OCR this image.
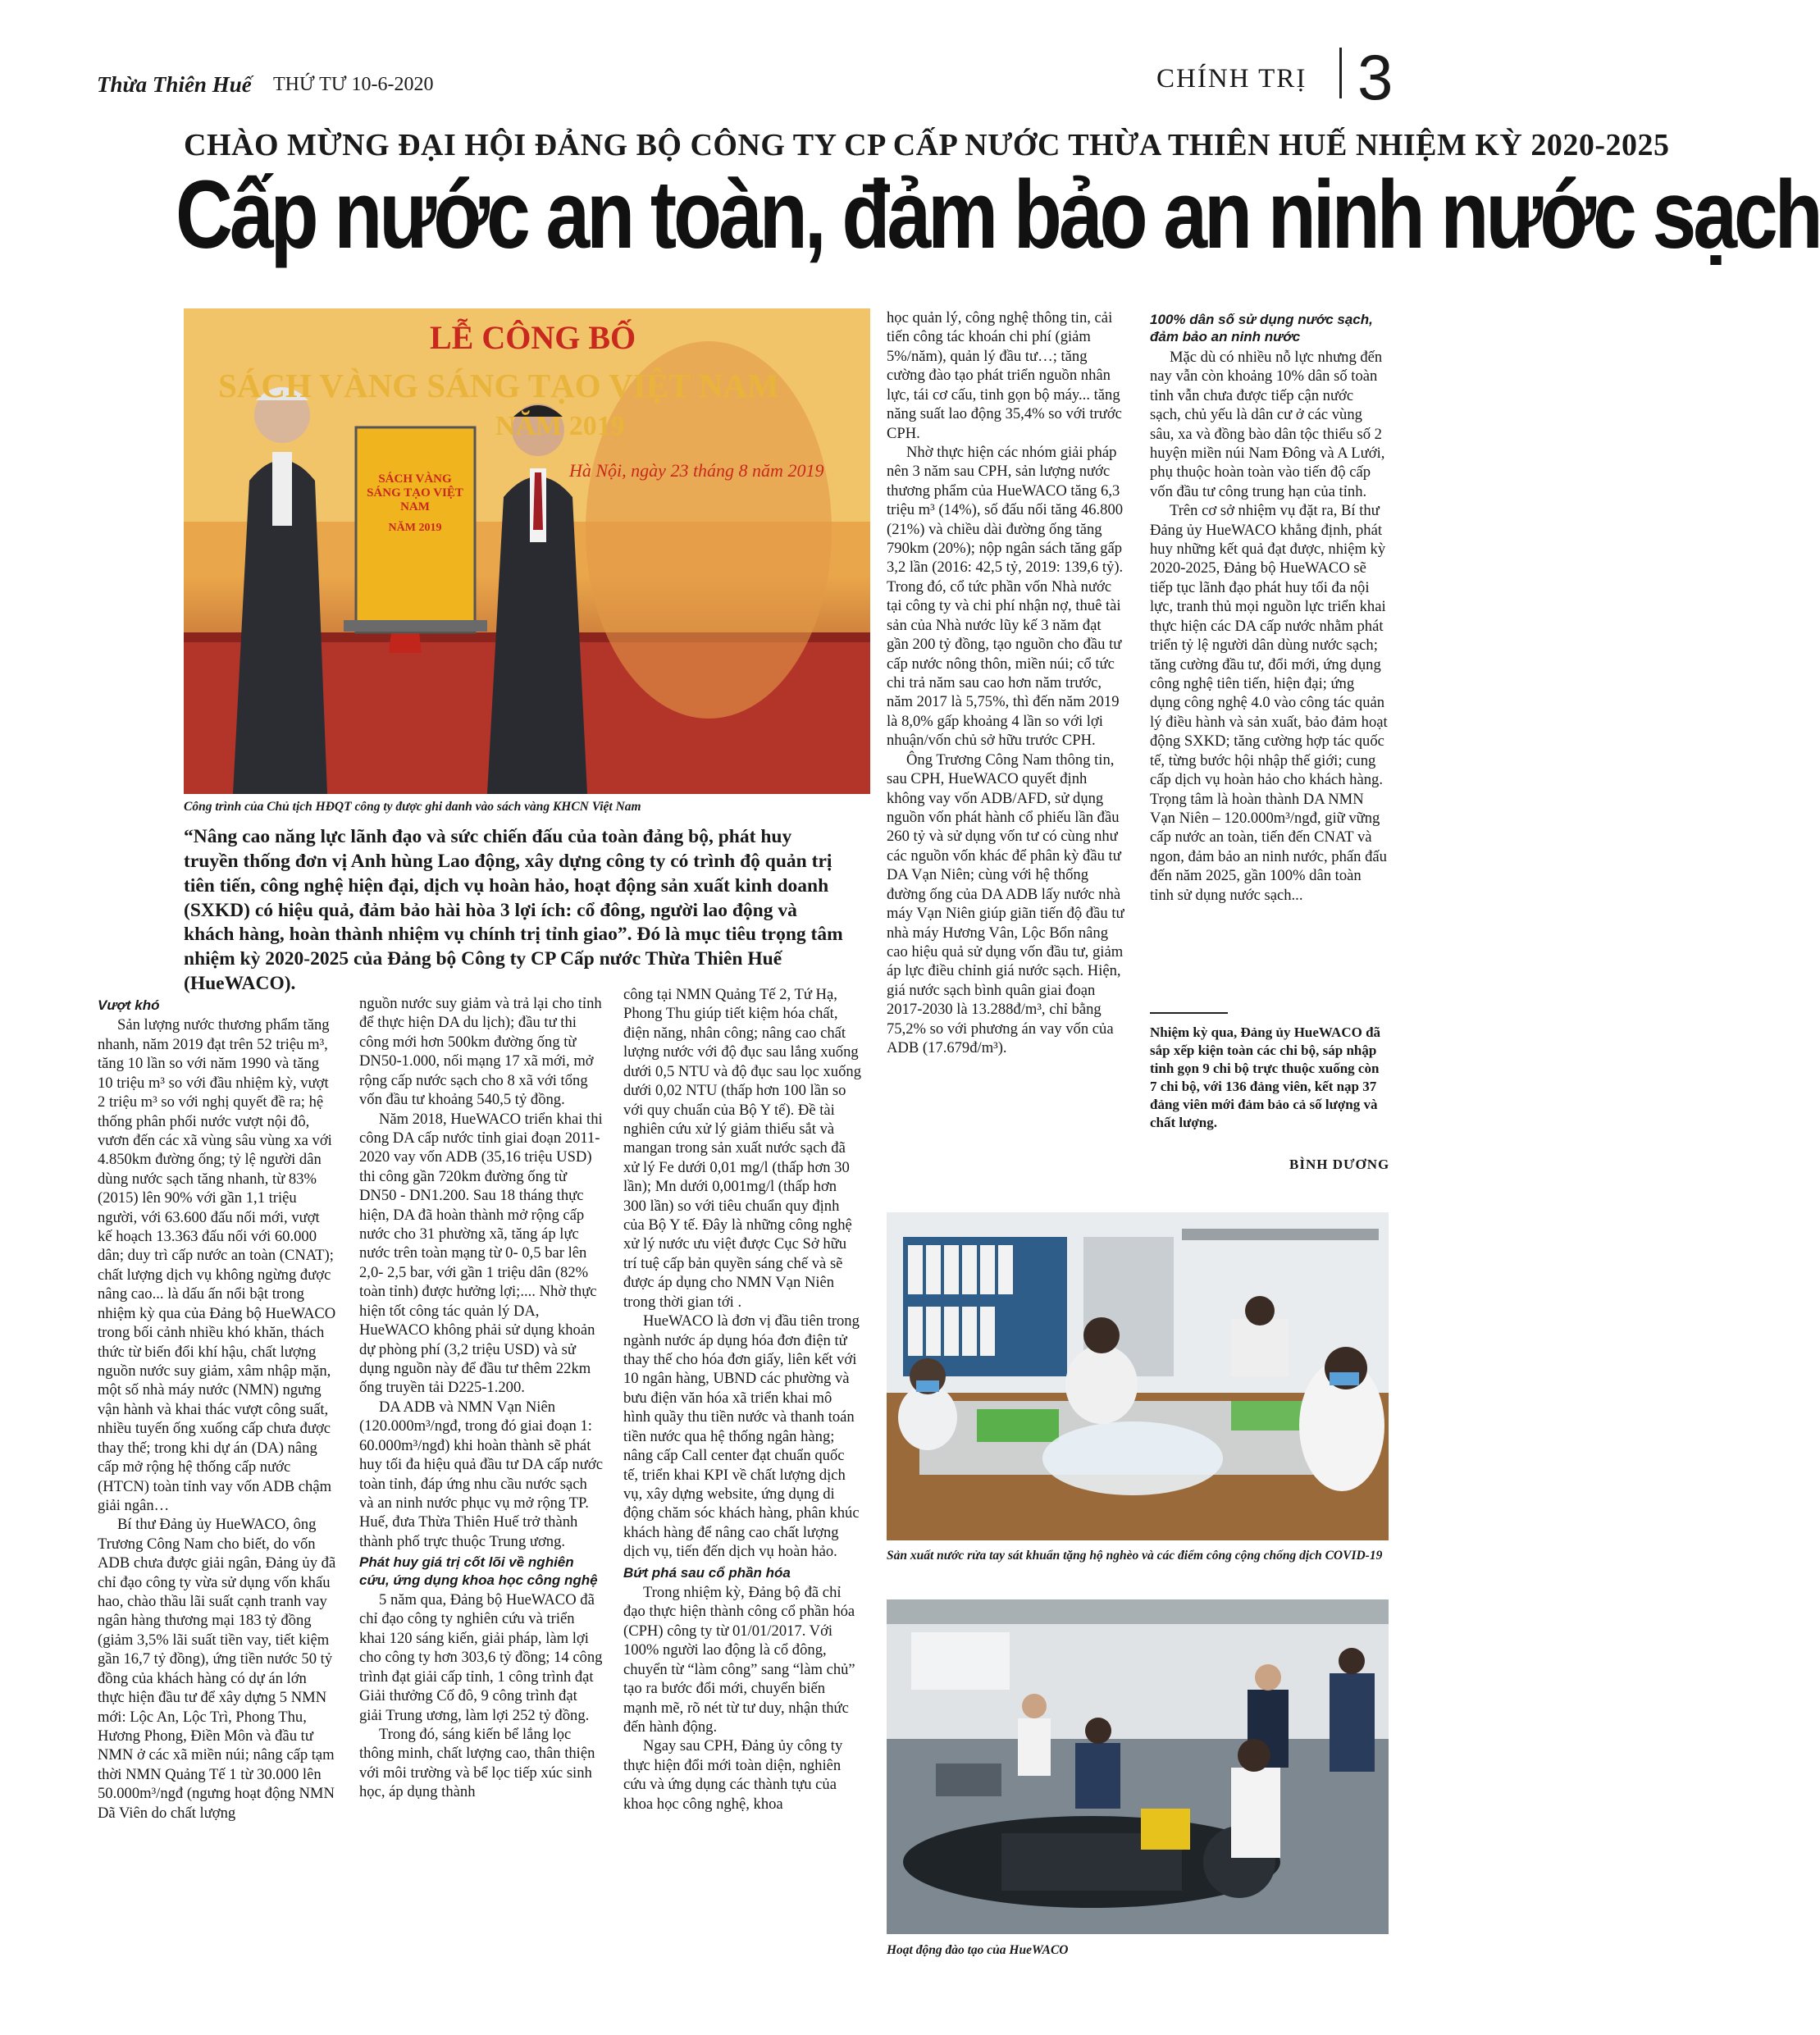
Thừa Thiên Huế THỨ TƯ 10-6-2020	CHÍNH TRỊ 3
CHÀO MỪNG ĐẠI HỘI ĐẢNG BỘ CÔNG TY CP CẤP NƯỚC THỪA THIÊN HUẾ NHIỆM KỲ 2020-2025
Cấp nước an toàn, đảm bảo an ninh nước sạch
LỄ CÔNG BỐ
SÁCH VÀNG SÁNG TẠO VIỆT NAM
NĂM 2019
Hà Nội, ngày 23 tháng 8 năm 2019
SÁCH VÀNG SÁNG TẠO VIỆT NAM
NĂM 2019
Công trình của Chủ tịch HĐQT công ty được ghi danh vào sách vàng KHCN Việt Nam
“Nâng cao năng lực lãnh đạo và sức chiến đấu của toàn đảng bộ, phát huy truyền thống đơn vị Anh hùng Lao động, xây dựng công ty có trình độ quản trị tiên tiến, công nghệ hiện đại, dịch vụ hoàn hảo, hoạt động sản xuất kinh doanh (SXKD) có hiệu quả, đảm bảo hài hòa 3 lợi ích: cổ đông, người lao động và khách hàng, hoàn thành nhiệm vụ chính trị tỉnh giao”. Đó là mục tiêu trọng tâm nhiệm kỳ 2020-2025 của Đảng bộ Công ty CP Cấp nước Thừa Thiên Huế (HueWACO).

Vượt khó

Sản lượng nước thương phẩm tăng nhanh, năm 2019 đạt trên 52 triệu m³, tăng 10 lần so với năm 1990 và tăng 10 triệu m³ so với đầu nhiệm kỳ, vượt 2 triệu m³ so với nghị quyết đề ra; hệ thống phân phối nước vượt nội đô, vươn đến các xã vùng sâu vùng xa với 4.850km đường ống; tỷ lệ người dân dùng nước sạch tăng nhanh, từ 83% (2015) lên 90% với gần 1,1 triệu người, với 63.600 đấu nối mới, vượt kế hoạch 13.363 đấu nối với 60.000 dân; duy trì cấp nước an toàn (CNAT); chất lượng dịch vụ không ngừng được nâng cao... là dấu ấn nổi bật trong nhiệm kỳ qua của Đảng bộ HueWACO trong bối cảnh nhiều khó khăn, thách thức từ biến đổi khí hậu, chất lượng nguồn nước suy giảm, xâm nhập mặn, một số nhà máy nước (NMN) ngưng vận hành và khai thác vượt công suất, nhiều tuyến ống xuống cấp chưa được thay thế; trong khi dự án (DA) nâng cấp mở rộng hệ thống cấp nước (HTCN) toàn tỉnh vay vốn ADB chậm giải ngân…

Bí thư Đảng ủy HueWACO, ông Trương Công Nam cho biết, do vốn ADB chưa được giải ngân, Đảng ủy đã chỉ đạo công ty vừa sử dụng vốn khấu hao, chào thầu lãi suất cạnh tranh vay ngân hàng thương mại 183 tỷ đồng (giảm 3,5% lãi suất tiền vay, tiết kiệm gần 16,7 tỷ đồng), ứng tiền nước 50 tỷ đồng của khách hàng có dự án lớn thực hiện đầu tư để xây dựng 5 NMN mới: Lộc An, Lộc Trì, Phong Thu, Hương Phong, Điền Môn và đầu tư NMN ở các xã miền núi; nâng cấp tạm thời NMN Quảng Tế 1 từ 30.000 lên 50.000m³/ngđ (ngưng hoạt động NMN Dã Viên do chất lượng

nguồn nước suy giảm và trả lại cho tỉnh để thực hiện DA du lịch); đầu tư thi công mới hơn 500km đường ống từ DN50-1.000, nối mạng 17 xã mới, mở rộng cấp nước sạch cho 8 xã với tổng vốn đầu tư khoảng 540,5 tỷ đồng.

Năm 2018, HueWACO triển khai thi công DA cấp nước tỉnh giai đoạn 2011-2020 vay vốn ADB (35,16 triệu USD) thi công gần 720km đường ống từ DN50 - DN1.200. Sau 18 tháng thực hiện, DA đã hoàn thành mở rộng cấp nước cho 31 phường xã, tăng áp lực nước trên toàn mạng từ 0- 0,5 bar lên 2,0- 2,5 bar, với gần 1 triệu dân (82% toàn tỉnh) được hưởng lợi;.... Nhờ thực hiện tốt công tác quản lý DA, HueWACO không phải sử dụng khoản dự phòng phí (3,2 triệu USD) và sử dụng nguồn này để đầu tư thêm 22km ống truyền tải D225-1.200.

DA ADB và NMN Vạn Niên (120.000m³/ngđ, trong đó giai đoạn 1: 60.000m³/ngđ) khi hoàn thành sẽ phát huy tối đa hiệu quả đầu tư DA cấp nước toàn tỉnh, đáp ứng nhu cầu nước sạch và an ninh nước phục vụ mở rộng TP. Huế, đưa Thừa Thiên Huế trở thành thành phố trực thuộc Trung ương.

Phát huy giá trị cốt lõi về nghiên cứu, ứng dụng khoa học công nghệ

5 năm qua, Đảng bộ HueWACO đã chỉ đạo công ty nghiên cứu và triển khai 120 sáng kiến, giải pháp, làm lợi cho công ty hơn 303,6 tỷ đồng; 14 công trình đạt giải cấp tỉnh, 1 công trình đạt Giải thưởng Cố đô, 9 công trình đạt giải Trung ương, làm lợi 252 tỷ đồng.

Trong đó, sáng kiến bể lắng lọc thông minh, chất lượng cao, thân thiện với môi trường và bể lọc tiếp xúc sinh học, áp dụng thành

công tại NMN Quảng Tế 2, Tứ Hạ, Phong Thu giúp tiết kiệm hóa chất, điện năng, nhân công; nâng cao chất lượng nước với độ đục sau lắng xuống dưới 0,5 NTU và độ đục sau lọc xuống dưới 0,02 NTU (thấp hơn 100 lần so với quy chuẩn của Bộ Y tế). Đề tài nghiên cứu xử lý giảm thiểu sắt và mangan trong sản xuất nước sạch đã xử lý Fe dưới 0,01 mg/l (thấp hơn 30 lần); Mn dưới 0,001mg/l (thấp hơn 300 lần) so với tiêu chuẩn quy định của Bộ Y tế. Đây là những công nghệ xử lý nước ưu việt được Cục Sở hữu trí tuệ cấp bản quyền sáng chế và sẽ được áp dụng cho NMN Vạn Niên trong thời gian tới .

HueWACO là đơn vị đầu tiên trong ngành nước áp dụng hóa đơn điện tử thay thế cho hóa đơn giấy, liên kết với 10 ngân hàng, UBND các phường và bưu điện văn hóa xã triển khai mô hình quầy thu tiền nước và thanh toán tiền nước qua hệ thống ngân hàng; nâng cấp Call center đạt chuẩn quốc tế, triển khai KPI về chất lượng dịch vụ, xây dựng website, ứng dụng di động chăm sóc khách hàng, phân khúc khách hàng để nâng cao chất lượng dịch vụ, tiến đến dịch vụ hoàn hảo.

Bứt phá sau cổ phần hóa

Trong nhiệm kỳ, Đảng bộ đã chỉ đạo thực hiện thành công cổ phần hóa (CPH) công ty từ 01/01/2017. Với 100% người lao động là cổ đông, chuyển từ “làm công” sang “làm chủ” tạo ra bước đổi mới, chuyển biến mạnh mẽ, rõ nét từ tư duy, nhận thức đến hành động.

Ngay sau CPH, Đảng ủy công ty thực hiện đổi mới toàn diện, nghiên cứu và ứng dụng các thành tựu của khoa học công nghệ, khoa

học quản lý, công nghệ thông tin, cải tiến công tác khoán chi phí (giảm 5%/năm), quản lý đầu tư…; tăng cường đào tạo phát triển nguồn nhân lực, tái cơ cấu, tinh gọn bộ máy... tăng năng suất lao động 35,4% so với trước CPH.

Nhờ thực hiện các nhóm giải pháp nên 3 năm sau CPH, sản lượng nước thương phẩm của HueWACO tăng 6,3 triệu m³ (14%), số đấu nối tăng 46.800 (21%) và chiều dài đường ống tăng 790km (20%); nộp ngân sách tăng gấp 3,2 lần (2016: 42,5 tỷ, 2019: 139,6 tỷ). Trong đó, cổ tức phần vốn Nhà nước tại công ty và chi phí nhận nợ, thuê tài sản của Nhà nước lũy kế 3 năm đạt gần 200 tỷ đồng, tạo nguồn cho đầu tư cấp nước nông thôn, miền núi; cổ tức chi trả năm sau cao hơn năm trước, năm 2017 là 5,75%, thì đến năm 2019 là 8,0% gấp khoảng 4 lần so với lợi nhuận/vốn chủ sở hữu trước CPH.

Ông Trương Công Nam thông tin, sau CPH, HueWACO quyết định không vay vốn ADB/AFD, sử dụng nguồn vốn phát hành cổ phiếu lần đầu 260 tỷ và sử dụng vốn tư có cùng như các nguồn vốn khác để phân kỳ đầu tư DA Vạn Niên; cùng với hệ thống đường ống của DA ADB lấy nước nhà máy Vạn Niên giúp giãn tiến độ đầu tư nhà máy Hương Vân, Lộc Bổn nâng cao hiệu quả sử dụng vốn đầu tư, giảm áp lực điều chỉnh giá nước sạch. Hiện, giá nước sạch bình quân giai đoạn 2017-2030 là 13.288đ/m³, chỉ bằng 75,2% so với phương án vay vốn của ADB (17.679đ/m³).

100% dân số sử dụng nước sạch, đảm bảo an ninh nước

Mặc dù có nhiều nỗ lực nhưng đến nay vẫn còn khoảng 10% dân số toàn tỉnh vẫn chưa được tiếp cận nước sạch, chủ yếu là dân cư ở các vùng sâu, xa và đồng bào dân tộc thiểu số 2 huyện miền núi Nam Đông và A Lưới, phụ thuộc hoàn toàn vào tiến độ cấp vốn đầu tư công trung hạn của tỉnh.

Trên cơ sở nhiệm vụ đặt ra, Bí thư Đảng ủy HueWACO khẳng định, phát huy những kết quả đạt được, nhiệm kỳ 2020-2025, Đảng bộ HueWACO sẽ tiếp tục lãnh đạo phát huy tối đa nội lực, tranh thủ mọi nguồn lực triển khai thực hiện các DA cấp nước nhằm phát triển tỷ lệ người dân dùng nước sạch; tăng cường đầu tư, đổi mới, ứng dụng công nghệ tiên tiến, hiện đại; ứng dụng công nghệ 4.0 vào công tác quản lý điều hành và sản xuất, bảo đảm hoạt động SXKD; tăng cường hợp tác quốc tế, từng bước hội nhập thế giới; cung cấp dịch vụ hoàn hảo cho khách hàng. Trọng tâm là hoàn thành DA NMN Vạn Niên – 120.000m³/ngđ, giữ vững cấp nước an toàn, tiến đến CNAT và ngon, đảm bảo an ninh nước, phấn đấu đến năm 2025, gần 100% dân toàn tỉnh sử dụng nước sạch...

Nhiệm kỳ qua, Đảng ủy HueWACO đã sắp xếp kiện toàn các chi bộ, sáp nhập tinh gọn 9 chi bộ trực thuộc xuống còn 7 chi bộ, với 136 đảng viên, kết nạp 37 đảng viên mới đảm bảo cả số lượng và chất lượng.
BÌNH DƯƠNG
Sản xuất nước rửa tay sát khuẩn tặng hộ nghèo và các điểm công cộng chống dịch COVID-19
Hoạt động đào tạo của HueWACO
